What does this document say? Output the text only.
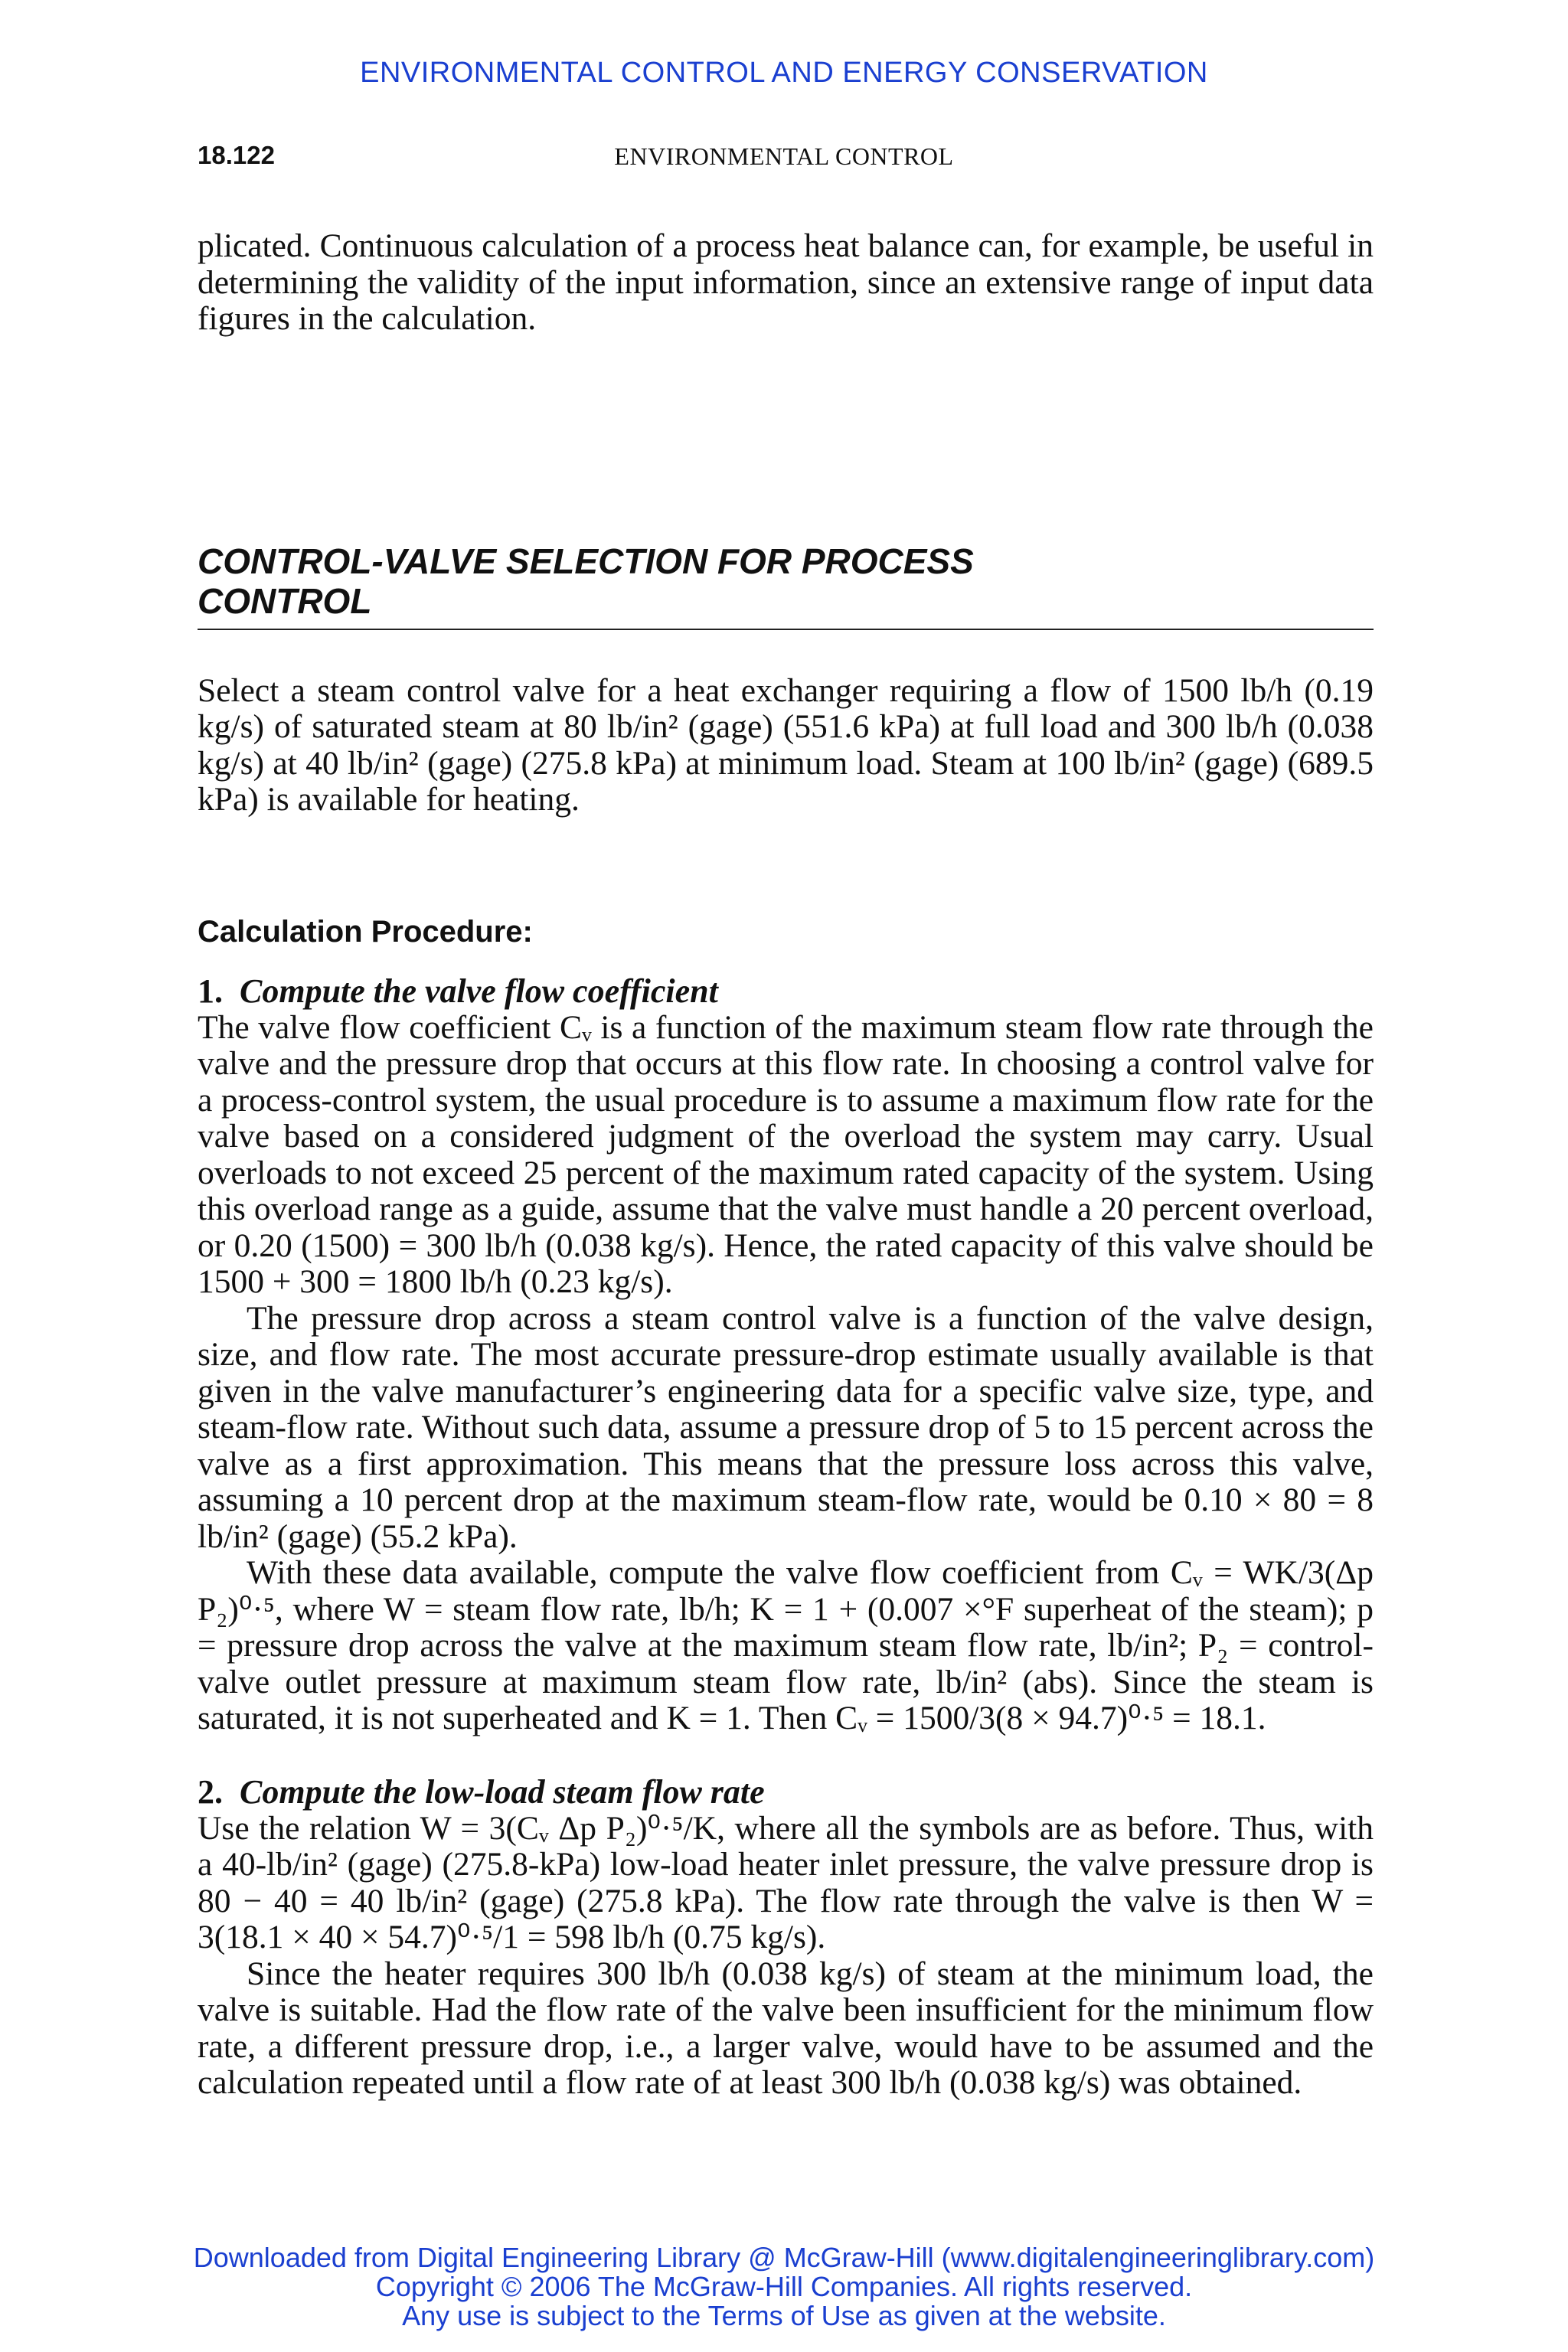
ENVIRONMENTAL CONTROL AND ENERGY CONSERVATION
18.122	ENVIRONMENTAL CONTROL

plicated. Continuous calculation of a process heat balance can, for example, be useful in determining the validity of the input information, since an extensive range of input data figures in the calculation.

CONTROL-VALVE SELECTION FOR PROCESS
CONTROL

Select a steam control valve for a heat exchanger requiring a flow of 1500 lb/h (0.19 kg/s) of saturated steam at 80 lb/in² (gage) (551.6 kPa) at full load and 300 lb/h (0.038 kg/s) at 40 lb/in² (gage) (275.8 kPa) at minimum load. Steam at 100 lb/in² (gage) (689.5 kPa) is available for heating.

Calculation Procedure:
1. Compute the valve flow coefficient

The valve flow coefficient Cᵥ is a function of the maximum steam flow rate through the valve and the pressure drop that occurs at this flow rate. In choosing a control valve for a process-control system, the usual procedure is to assume a maximum flow rate for the valve based on a considered judgment of the overload the system may carry. Usual overloads to not exceed 25 percent of the maximum rated capacity of the system. Using this overload range as a guide, assume that the valve must handle a 20 percent overload, or 0.20 (1500) = 300 lb/h (0.038 kg/s). Hence, the rated capacity of this valve should be 1500 + 300 = 1800 lb/h (0.23 kg/s).

The pressure drop across a steam control valve is a function of the valve design, size, and flow rate. The most accurate pressure-drop estimate usually available is that given in the valve manufacturer’s engineering data for a specific valve size, type, and steam-flow rate. Without such data, assume a pressure drop of 5 to 15 percent across the valve as a first approximation. This means that the pressure loss across this valve, assuming a 10 percent drop at the maximum steam-flow rate, would be 0.10 × 80 = 8 lb/in² (gage) (55.2 kPa).

With these data available, compute the valve flow coefficient from Cᵥ = WK/3(Δp P₂)⁰·⁵, where W = steam flow rate, lb/h; K = 1 + (0.007 ×°F superheat of the steam); p = pressure drop across the valve at the maximum steam flow rate, lb/in²; P₂ = control-valve outlet pressure at maximum steam flow rate, lb/in² (abs). Since the steam is saturated, it is not superheated and K = 1. Then Cᵥ = 1500/3(8 × 94.7)⁰·⁵ = 18.1.

2. Compute the low-load steam flow rate

Use the relation W = 3(Cᵥ Δp P₂)⁰·⁵/K, where all the symbols are as before. Thus, with a 40-lb/in² (gage) (275.8-kPa) low-load heater inlet pressure, the valve pressure drop is 80 − 40 = 40 lb/in² (gage) (275.8 kPa). The flow rate through the valve is then W = 3(18.1 × 40 × 54.7)⁰·⁵/1 = 598 lb/h (0.75 kg/s).

Since the heater requires 300 lb/h (0.038 kg/s) of steam at the minimum load, the valve is suitable. Had the flow rate of the valve been insufficient for the minimum flow rate, a different pressure drop, i.e., a larger valve, would have to be assumed and the calculation repeated until a flow rate of at least 300 lb/h (0.038 kg/s) was obtained.

Downloaded from Digital Engineering Library @ McGraw-Hill (www.digitalengineeringlibrary.com)
Copyright © 2006 The McGraw-Hill Companies. All rights reserved.
Any use is subject to the Terms of Use as given at the website.
